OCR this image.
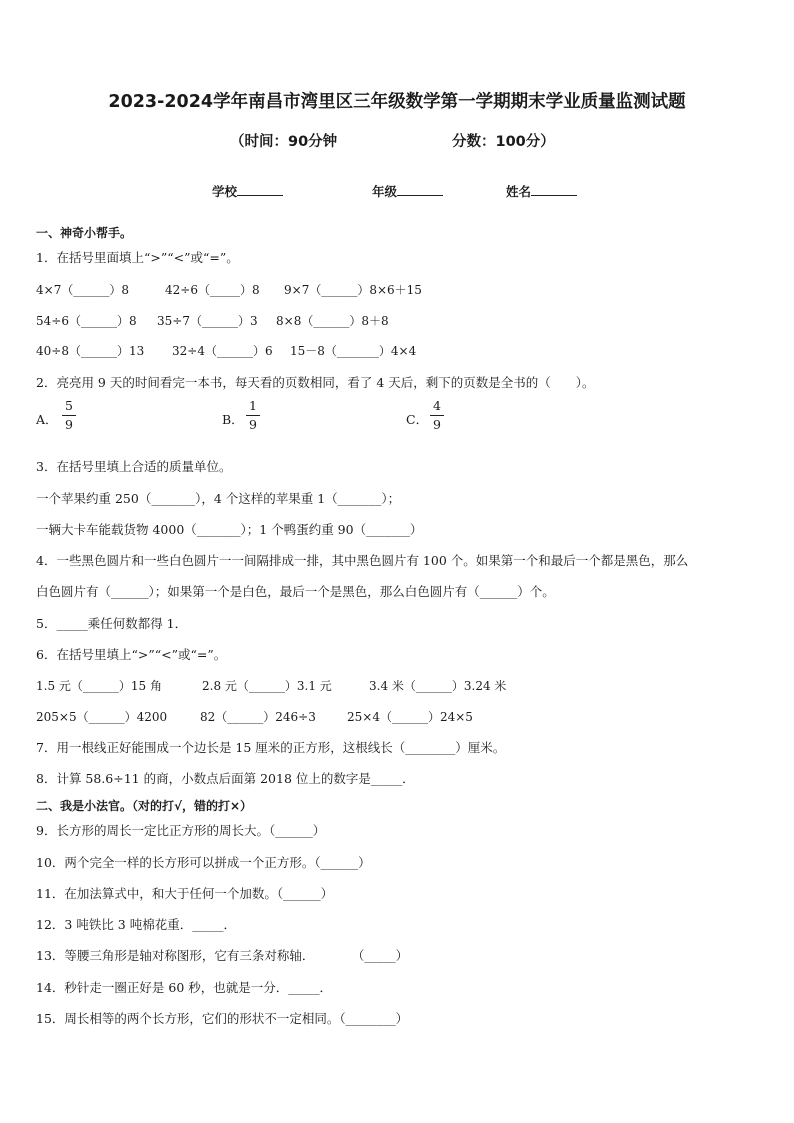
2023-2024学年南昌市湾里区三年级数学第一学期期末学业质量监测试题
（时间：90分钟	分数：100分）
学校	年级	姓名
一、神奇小帮手。
1．在括号里面填上“>”“<”或“=”。
4×7（______）8	42÷6（_____）8 9×7（______）8×6＋15
54÷6（______）8 35÷7（______）3 8×8（______）8＋8
40÷8（______）13 32÷4（______）6 15－8（_______）4×4
2．亮亮用 9 天的时间看完一本书，每天看的页数相同，看了 4 天后，剩下的页数是全书的（　　）。
A．
5
9	B．
1
9	C．
4
9
3．在括号里填上合适的质量单位。
一个苹果约重 250（_______），4 个这样的苹果重 1（_______）；
一辆大卡车能载货物 4000（_______）；1 个鸭蛋约重 90（_______）
4．一些黑色圆片和一些白色圆片一一间隔排成一排，其中黑色圆片有 100 个。如果第一个和最后一个都是黑色，那么
白色圆片有（______）；如果第一个是白色，最后一个是黑色，那么白色圆片有（______）个。
5．_____乘任何数都得 1．
6．在括号里填上“>”“<”或“=”。
1.5 元（______）15 角	2.8 元（______）3.1 元	3.4 米（______）3.24 米
205×5（______）4200	82（______）246÷3	25×4（______）24×5
7．用一根线正好能围成一个边长是 15 厘米的正方形，这根线长（________）厘米。
8．计算 58.6÷11 的商，小数点后面第 2018 位上的数字是_____．
二、我是小法官。（对的打√，错的打×）
9．长方形的周长一定比正方形的周长大。（______）
10．两个完全一样的长方形可以拼成一个正方形。（______）
11．在加法算式中，和大于任何一个加数。（______）
12．3 吨铁比 3 吨棉花重．_____．
13．等腰三角形是轴对称图形，它有三条对称轴．　　　　（_____）
14．秒针走一圈正好是 60 秒，也就是一分．_____．
15．周长相等的两个长方形，它们的形状不一定相同。（________）
